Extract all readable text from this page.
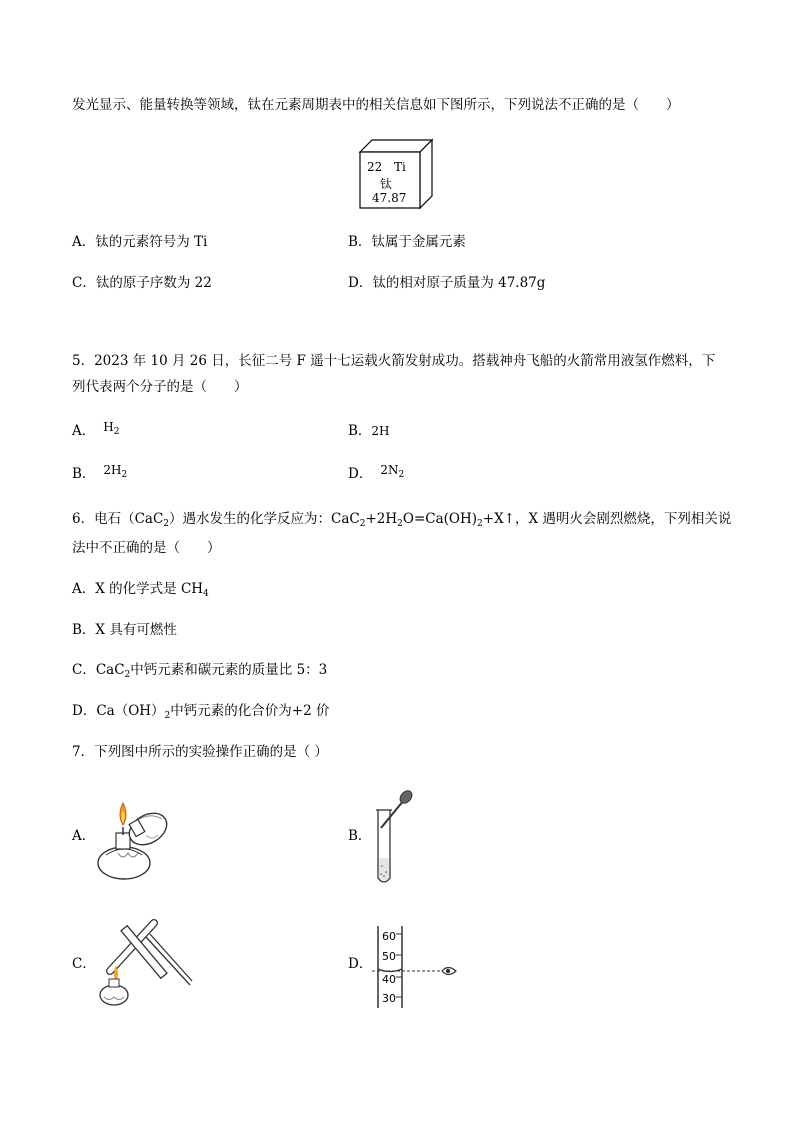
发光显示、能量转换等领域，钛在元素周期表中的相关信息如下图所示，下列说法不正确的是（　　）
22 Ti
钛
47.87
A．钛的元素符号为 Ti	B．钛属于金属元素
C．钛的原子序数为 22	D．钛的相对原子质量为 47.87g
5．2023 年 10 月 26 日，长征二号 F 遥十七运载火箭发射成功。搭载神舟飞船的火箭常用液氢作燃料，下
列代表两个分子的是（　　）
A． $H_2$	B．2H
B． $2H_2$	D． $2N_2$
6．电石（CaC$_2$）遇水发生的化学反应为：$CaC_2+2H_2O=Ca(OH)_2+X↑$，X 遇明火会剧烈燃烧，下列相关说
法中不正确的是（　　）
A．X 的化学式是 $CH_4$
B．X 具有可燃性
C．CaC$_2$中钙元素和碳元素的质量比 5：3
D．$Ca(OH)_2$中钙元素的化合价为+2 价
7．下列图中所示的实验操作正确的是（ ）
A．	B．
C．	D．
60
50
40
30
